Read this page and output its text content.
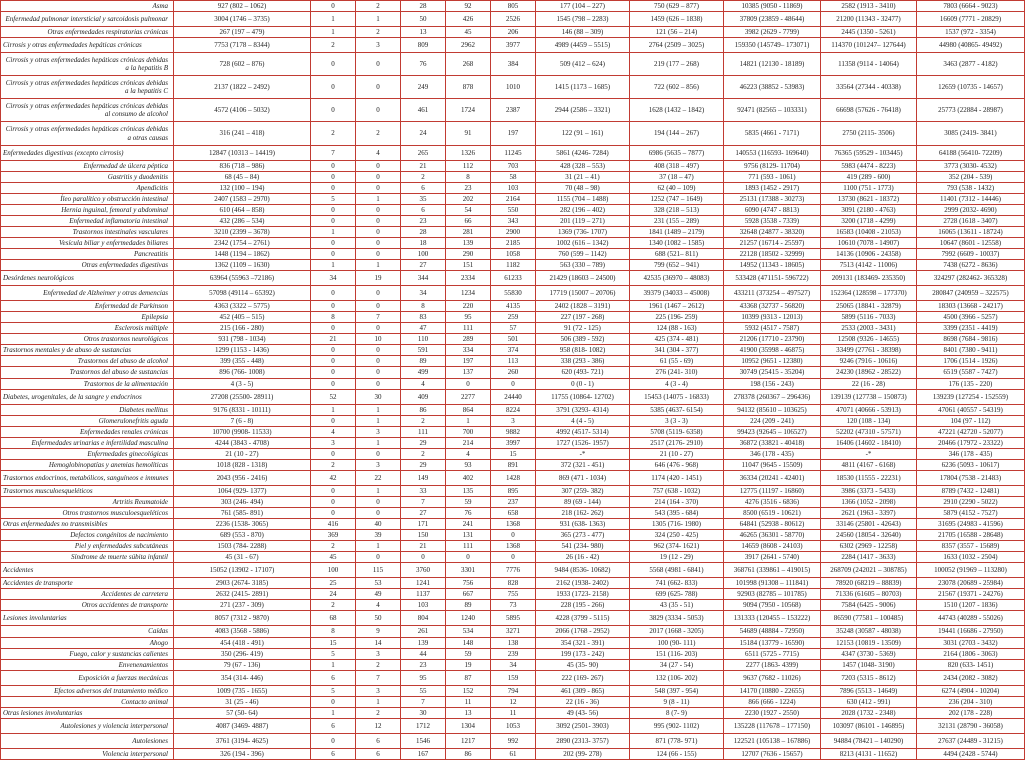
Asma	927 (802 – 1062)	0	2	28	92	805	177 (104 – 227)	750 (629 – 877)	10385 (9050 - 11869)	2582 (1913 - 3410)	7803 (6664 - 9023)
Enfermedad pulmonar intersticial y sarcoidosis pulmonar	3004 (1746 – 3735)	1	1	50	426	2526	1545 (798 – 2283)	1459 (626 – 1838)	37809 (23859 - 48644)	21200 (11343 - 32477)	16609 (7771 - 20829)
Otras enfermedades respiratorias crónicas	267 (197 – 479)	1	2	13	45	206	146 (88 – 309)	121 (56 – 214)	3982 (2629 - 7799)	2445 (1350 - 5261)	1537 (972 - 3354)
Cirrosis y otras enfermedades hepáticas crónicas	7753 (7178 – 8344)	2	3	809	2962	3977	4989 (4459 – 5515)	2764 (2509 – 3025)	159350 (145749– 173071)	114370 (101247– 127644)	44980 (40865- 49492)
Cirrosis y otras enfermedades hepáticas crónicas debidas a la hepatitis B	728 (602 – 876)	0	0	76	268	384	509 (412 – 624)	219 (177 – 268)	14821 (12130 - 18189)	11358 (9114 - 14064)	3463 (2877 - 4182)
Cirrosis y otras enfermedades hepáticas crónicas debidas a la hepatitis C	2137 (1822 – 2492)	0	0	249	878	1010	1415 (1173 – 1685)	722 (602 – 856)	46223 (38852 - 53983)	33564 (27344 - 40338)	12659 (10735 - 14657)
Cirrosis y otras enfermedades hepáticas crónicas debidas al consumo de alcohol	4572 (4106 – 5032)	0	0	461	1724	2387	2944 (2586 – 3321)	1628 (1432 – 1842)	92471 (82565 – 103331)	66698 (57626 - 76418)	25773 (22884 - 28987)
Cirrosis y otras enfermedades hepáticas crónicas debidas a otras causas	316 (241 – 418)	2	2	24	91	197	122 (91 – 161)	194 (144 – 267)	5835 (4661 - 7171)	2750 (2115- 3506)	3085 (2419- 3841)
Enfermedades digestivas (excepto cirrosis)	12847 (10313 – 14419)	7	4	265	1326	11245	5861 (4246- 7284)	6986 (5635 – 7877)	140553 (116593- 169640)	76365 (59529 - 103445)	64188 (56410- 72209)
Enfermedad de úlcera péptica	836 (718 – 986)	0	0	21	112	703	428 (328 – 553)	408 (318 – 497)	9756 (8129- 11704)	5983 (4474 - 8223)	3773 (3030- 4532)
Gastritis y duodenitis	68 (45 – 84)	0	0	2	8	58	31 (21 – 41)	37 (18 – 47)	771 (593 - 1061)	419 (289 - 600)	352 (204 - 539)
Apendicitis	132 (100 – 194)	0	0	6	23	103	70 (48 – 98)	62 (40 – 109)	1893 (1452 - 2917)	1100 (751 - 1773)	793 (538 - 1432)
Íleo paralítico y obstrucción intestinal	2407 (1583 – 2970)	5	1	35	202	2164	1155 (704 – 1488)	1252 (747 – 1649)	25131 (17388 - 30273)	13730 (8621 - 18372)	11401 (7312 - 14446)
Hernia inguinal, femoral y abdominal	610 (464 – 858)	0	0	6	54	550	282 (196 – 402)	328 (218 – 513)	6090 (4747 - 8813)	3091 (2180 - 4763)	2999 (2032- 4690)
Enfermedad inflamatoria intestinal	432 (286 – 534)	0	0	23	66	343	201 (119 – 271)	231 (155 – 289)	5928 (3538 - 7339)	3200 (1718 - 4299)	2728 (1618 - 3407)
Trastornos intestinales vasculares	3210 (2399 – 3678)	1	0	28	281	2900	1369 (736- 1707)	1841 (1489 – 2179)	32648 (24877 - 38320)	16583 (10408 - 21053)	16065 (13611 - 18724)
Vesícula biliar y enfermedades biliares	2342 (1754 – 2761)	0	0	18	139	2185	1002 (616 – 1342)	1340 (1082 – 1585)	21257 (16714 - 25597)	10610 (7078 - 14907)	10647 (8601 - 12558)
Pancreatitis	1448 (1194 – 1862)	0	0	100	290	1058	760 (599 – 1142)	688 (521– 811)	22128 (18502 - 32999)	14136 (10906 - 24358)	7992 (6609 - 10037)
Otras enfermedades digestivas	1362 (1109 – 1630)	1	1	27	151	1182	563 (330 – 789)	799 (652 – 941)	14952 (11343 - 18605)	7513 (4142 - 11006)	7438 (6272 - 8636)
Desórdenes neurológicos	63964 (55963 –72186)	34	19	344	2334	61233	21429 (18603 – 24500)	42535 (36970 – 48083)	533428 (471151- 596722)	209131 (183469- 235350)	324297 (282462- 365328)
Enfermedad de Alzheimer y otras demencias	57098 (49114 – 65392)	0	0	34	1234	55830	17719 (15007 – 20706)	39379 (34033 – 45008)	433211 (373254 – 497527)	152364 (128598 – 177370)	280847 (240959 – 322575)
Enfermedad de Parkinson	4363 (3322 – 5775)	0	0	8	220	4135	2402 (1828 – 3191)	1961 (1467 – 2612)	43368 (32737 - 56820)	25065 (18841 - 32879)	18303 (13668 - 24217)
Epilepsia	452 (405 – 515)	8	7	83	95	259	227 (197 - 268)	225 (196- 259)	10399 (9313 - 12013)	5899 (5116 - 7033)	4500 (3966 - 5257)
Esclerosis múltiple	215 (166 - 280)	0	0	47	111	57	91 (72 - 125)	124 (88 - 163)	5932 (4517 - 7587)	2533 (2003 - 3431)	3399 (2351 - 4419)
Otros trastornos neurológicos	931 (798 - 1034)	21	10	110	289	501	506 (389 - 592)	425 (374 - 481)	21206 (17710 - 23790)	12508 (9326 - 14655)	8698 (7684 - 9816)
Trastornos mentales y de abuso de sustancias	1299 (1153 - 1436)	0	0	591	334	374	958 (818- 1082)	341 (304 - 377)	41900 (35998 - 46875)	33499 (27761 - 38398)	8401 (7380 - 9411)
Trastornos del abuso de alcohol	399 (355 - 448)	0	0	89	197	113	338 (293 - 386)	61 (55 - 69)	10952 (9651 - 12380)	9246 (7916 - 10616)	1706 (1514 - 1926)
Trastornos del abuso de sustancias	896 (766- 1008)	0	0	499	137	260	620 (493- 721)	276 (241- 310)	30749 (25415 - 35204)	24230 (18962 - 28522)	6519 (5587 - 7427)
Trastornos de la alimentación	4 (3 - 5)	0	0	4	0	0	0 (0 - 1)	4 (3 - 4)	198 (156 - 243)	22 (16 - 28)	176 (135 - 220)
Diabetes, urogenitales, de la sangre y endocrinos	27208 (25500- 28911)	52	30	409	2277	24440	11755 (10864- 12702)	15453 (14075 - 16833)	278378 (260367 – 296436)	139139 (127738 – 150873)	139239 (127254 - 152559)
Diabetes mellitus	9176 (8331 - 10111)	1	1	86	864	8224	3791 (3293- 4314)	5385 (4637- 6154)	94132 (85610 – 103625)	47071 (40666 - 53913)	47061 (40557 - 54319)
Glomerulonefritis aguda	7 (6 - 8)	0	1	2	1	3	4 (4 - 5)	3 (3 - 3)	224 (209 - 241)	120 (108 - 134)	104 (97 - 112)
Enfermedades renales crónicas	10700 (9908- 11533)	4	3	111	700	9882	4992 (4517- 5314)	5708 (5119- 6358)	99423 (92645 – 106527)	52202 (47310 - 57571)	47221 (42720 - 52077)
Enfermedades urinarias e infertilidad masculina	4244 (3843 - 4708)	3	1	29	214	3997	1727 (1526- 1957)	2517 (2176- 2910)	36872 (33821 - 40418)	16406 (14602 - 18410)	20466 (17972 - 23322)
Enfermedades ginecológicas	21 (10 - 27)	0	0	2	4	15	-*	21 (10 - 27)	346 (178 - 435)	-*	346 (178 - 435)
Hemoglobinopatías y anemias hemolíticas	1018 (828 - 1318)	2	3	29	93	891	372 (321 - 451)	646 (476 - 968)	11047 (9645 - 15509)	4811 (4167 - 6168)	6236 (5093 - 10617)
Trastornos endocrinos, metabólicos, sanguíneos e inmunes	2043 (956 - 2416)	42	22	149	402	1428	869 (471 - 1034)	1174 (420 - 1451)	36334 (20241 - 42401)	18530 (11555 - 22231)	17804 (7538 - 21483)
Trastornos musculoesqueléticos	1064 (929- 1377)	0	1	33	135	895	307 (259- 382)	757 (638 - 1032)	12775 (11197 - 16860)	3986 (3373 - 5433)	8789 (7432 - 12481)
Artritis Reumatoide	303 (246- 494)	0	0	7	59	237	89 (69 - 144)	214 (164 - 370)	4276 (3516 - 6836)	1366 (1052 - 2098)	2910 (2290 - 5022)
Otros trastornos musculoesqueléticos	761 (585- 891)	0	0	27	76	658	218 (162- 262)	543 (395 - 684)	8500 (6519 - 10621)	2621 (1963 - 3397)	5879 (4152 - 7527)
Otras enfermedades no transmisibles	2236 (1538- 3065)	416	40	171	241	1368	931 (638- 1363)	1305 (716- 1980)	64841 (52938 - 80612)	33146 (25801 - 42643)	31695 (24983 - 41596)
Defectos congénitos de nacimiento	689 (553 - 870)	369	39	150	131	0	365 (273 - 477)	324 (250 - 425)	46265 (36301 - 58770)	24560 (18054 - 32640)	21705 (16588 - 28648)
Piel y enfermedades subcutáneas	1503 (784- 2288)	2	1	21	111	1368	541 (234- 980)	962 (374- 1621)	14659 (8608 - 24103)	6302 (2969 - 12258)	8357 (3557 - 15689)
Síndrome de muerte súbita infantil	45 (31 - 67)	45	0	0	0	0	26 (16 - 42)	19 (12 - 29)	3917 (2641 - 5740)	2284 (1417 - 3633)	1633 (1032 - 2504)
Accidentes	15052 (13902 - 17107)	100	115	3760	3301	7776	9484 (8536- 10682)	5568 (4981 - 6841)	368761 (339861 – 419015)	268709 (242021 – 308785)	100052 (91969 – 113280)
Accidentes de transporte	2903 (2674- 3185)	25	53	1241	756	828	2162 (1938- 2402)	741 (662- 833)	101998 (91308 – 111841)	78920 (68219 – 88839)	23078 (20689 - 25984)
Accidentes de carretera	2632 (2415- 2891)	24	49	1137	667	755	1933 (1723- 2158)	699 (625- 788)	92903 (82785 – 101785)	71336 (61605 – 80703)	21567 (19371 - 24276)
Otros accidentes de transporte	271 (237 - 309)	2	4	103	89	73	228 (195 - 266)	43 (35 - 51)	9094 (7950 - 10568)	7584 (6425 - 9006)	1510 (1207 - 1836)
Lesiones involuntarias	8057 (7312 - 9870)	68	50	804	1240	5895	4228 (3799 - 5115)	3829 (3334 - 5053)	131333 (120455 – 153222)	86590 (77581 – 100485)	44743 (40289 - 55026)
Caídas	4083 (3568 - 5886)	8	9	261	534	3271	2066 (1768 - 2952)	2017 (1668 - 3205)	54689 (48884 - 72950)	35248 (30587 - 48038)	19441 (16686 - 27950)
Ahogo	454 (418 - 491)	15	14	139	148	138	354 (321 - 391)	100 (90- 111)	15184 (13779 - 16590)	12153 (10819 - 13509)	3031 (2703 - 3432)
Fuego, calor y sustancias calientes	350 (296- 419)	5	3	44	59	239	199 (173 - 242)	151 (116- 203)	6511 (5725 - 7715)	4347 (3730 - 5369)	2164 (1806 - 3063)
Envenenamientos	79 (67 - 136)	1	2	23	19	34	45 (35- 90)	34 (27 - 54)	2277 (1863- 4399)	1457 (1048- 3190)	820 (633- 1451)
Exposición a fuerzas mecánicas	354 (314- 446)	6	7	95	87	159	222 (169- 267)	132 (106- 202)	9637 (7682 - 11026)	7203 (5315 - 8612)	2434 (2082 - 3082)
Efectos adversos del tratamiento médico	1009 (735 - 1655)	5	3	55	152	794	461 (309 - 865)	548 (397 - 954)	14170 (10880 - 22655)	7896 (5513 - 14649)	6274 (4904 - 10204)
Contacto animal	31 (25 - 46)	0	1	7	11	12	22 (16 - 36)	9 (8 - 11)	866 (666 - 1224)	630 (412 - 991)	236 (204 - 310)
Otras lesiones involuntarias	57 (50- 64)	1	2	30	13	11	49 (43- 56)	8 (7- 9)	2230 (1927 - 2550)	2028 (1732 - 2348)	202 (178 - 228)
Autolesiones y violencia interpersonal	4087 (3469- 4887)	6	12	1712	1304	1053	3092 (2501- 3903)	995 (902- 1102)	135228 (117678 – 177150)	103097 (86101 - 146895)	32131 (28790 - 36058)
Autolesiones	3761 (3194- 4625)	0	6	1546	1217	992	2890 (2313- 3757)	871 (778- 971)	122521 (105138 – 167886)	94884 (78421 – 140290)	27637 (24489 - 31215)
Violencia interpersonal	326 (194 - 396)	6	6	167	86	61	202 (99- 278)	124 (66 - 155)	12707 (7636 - 15657)	8213 (4131 - 11652)	4494 (2428 - 5744)
